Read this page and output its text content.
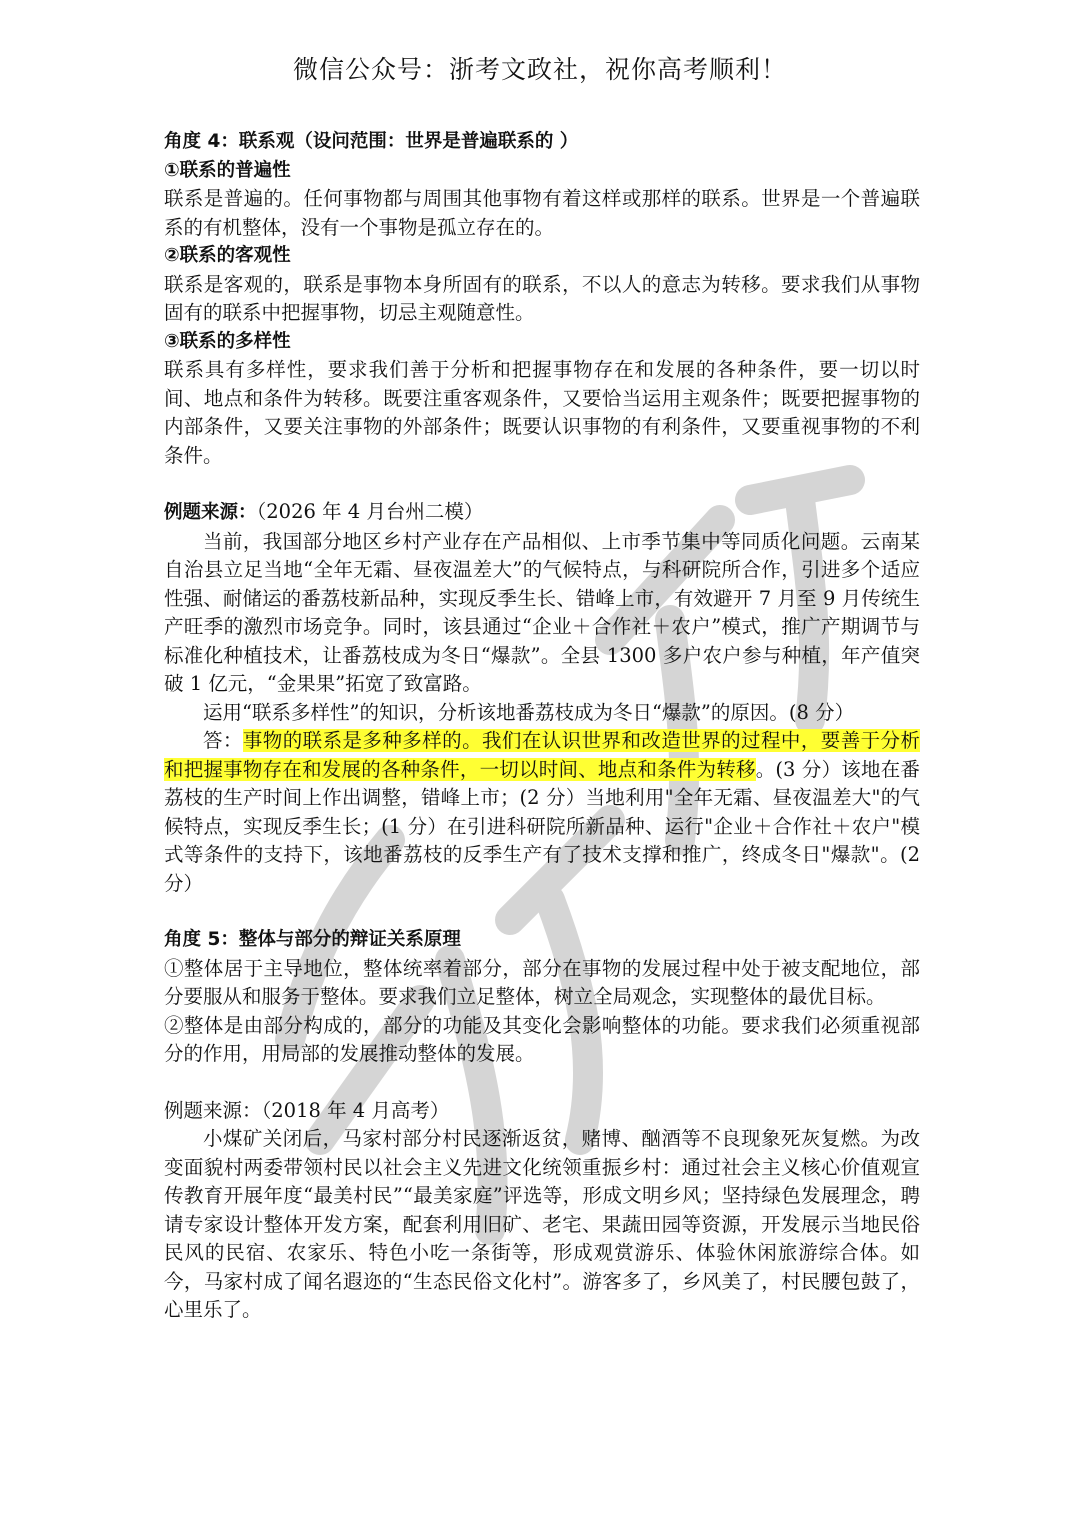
微信公众号：浙考文政社，祝你高考顺利！
角度 4：联系观（设问范围：世界是普遍联系的 ）
①联系的普遍性
联系是普遍的。任何事物都与周围其他事物有着这样或那样的联系。世界是一个普遍联系的有机整体，没有一个事物是孤立存在的。
②联系的客观性
联系是客观的，联系是事物本身所固有的联系，不以人的意志为转移。要求我们从事物固有的联系中把握事物，切忌主观随意性。
③联系的多样性
联系具有多样性，要求我们善于分析和把握事物存在和发展的各种条件，要一切以时间、地点和条件为转移。既要注重客观条件，又要恰当运用主观条件；既要把握事物的内部条件，又要关注事物的外部条件；既要认识事物的有利条件，又要重视事物的不利条件。
例题来源：（2026 年 4 月台州二模）
当前，我国部分地区乡村产业存在产品相似、上市季节集中等同质化问题。云南某自治县立足当地“全年无霜、昼夜温差大”的气候特点，与科研院所合作，引进多个适应性强、耐储运的番荔枝新品种，实现反季生长、错峰上市，有效避开 7 月至 9 月传统生产旺季的激烈市场竞争。同时，该县通过“企业＋合作社＋农户”模式，推广产期调节与标准化种植技术，让番荔枝成为冬日“爆款”。全县 1300 多户农户参与种植，年产值突破 1 亿元，“金果果”拓宽了致富路。
运用“联系多样性”的知识，分析该地番荔枝成为冬日“爆款”的原因。(8 分）
答：事物的联系是多种多样的。我们在认识世界和改造世界的过程中，要善于分析和把握事物存在和发展的各种条件，一切以时间、地点和条件为转移。(3 分）该地在番荔枝的生产时间上作出调整，错峰上市；(2 分）当地利用"全年无霜、昼夜温差大"的气候特点，实现反季生长；(1 分）在引进科研院所新品种、运行"企业＋合作社＋农户"模式等条件的支持下，该地番荔枝的反季生产有了技术支撑和推广，终成冬日"爆款"。(2 分）
角度 5：整体与部分的辩证关系原理
①整体居于主导地位，整体统率着部分，部分在事物的发展过程中处于被支配地位，部分要服从和服务于整体。要求我们立足整体，树立全局观念，实现整体的最优目标。
②整体是由部分构成的，部分的功能及其变化会影响整体的功能。要求我们必须重视部分的作用，用局部的发展推动整体的发展。
例题来源：（2018 年 4 月高考）
小煤矿关闭后，马家村部分村民逐渐返贫，赌博、酗酒等不良现象死灰复燃。为改变面貌村两委带领村民以社会主义先进文化统领重振乡村：通过社会主义核心价值观宣传教育开展年度“最美村民”“最美家庭”评选等，形成文明乡风；坚持绿色发展理念，聘请专家设计整体开发方案，配套利用旧矿、老宅、果蔬田园等资源，开发展示当地民俗民风的民宿、农家乐、特色小吃一条街等，形成观赏游乐、体验休闲旅游综合体。如今，马家村成了闻名遐迩的“生态民俗文化村”。游客多了，乡风美了，村民腰包鼓了，心里乐了。
